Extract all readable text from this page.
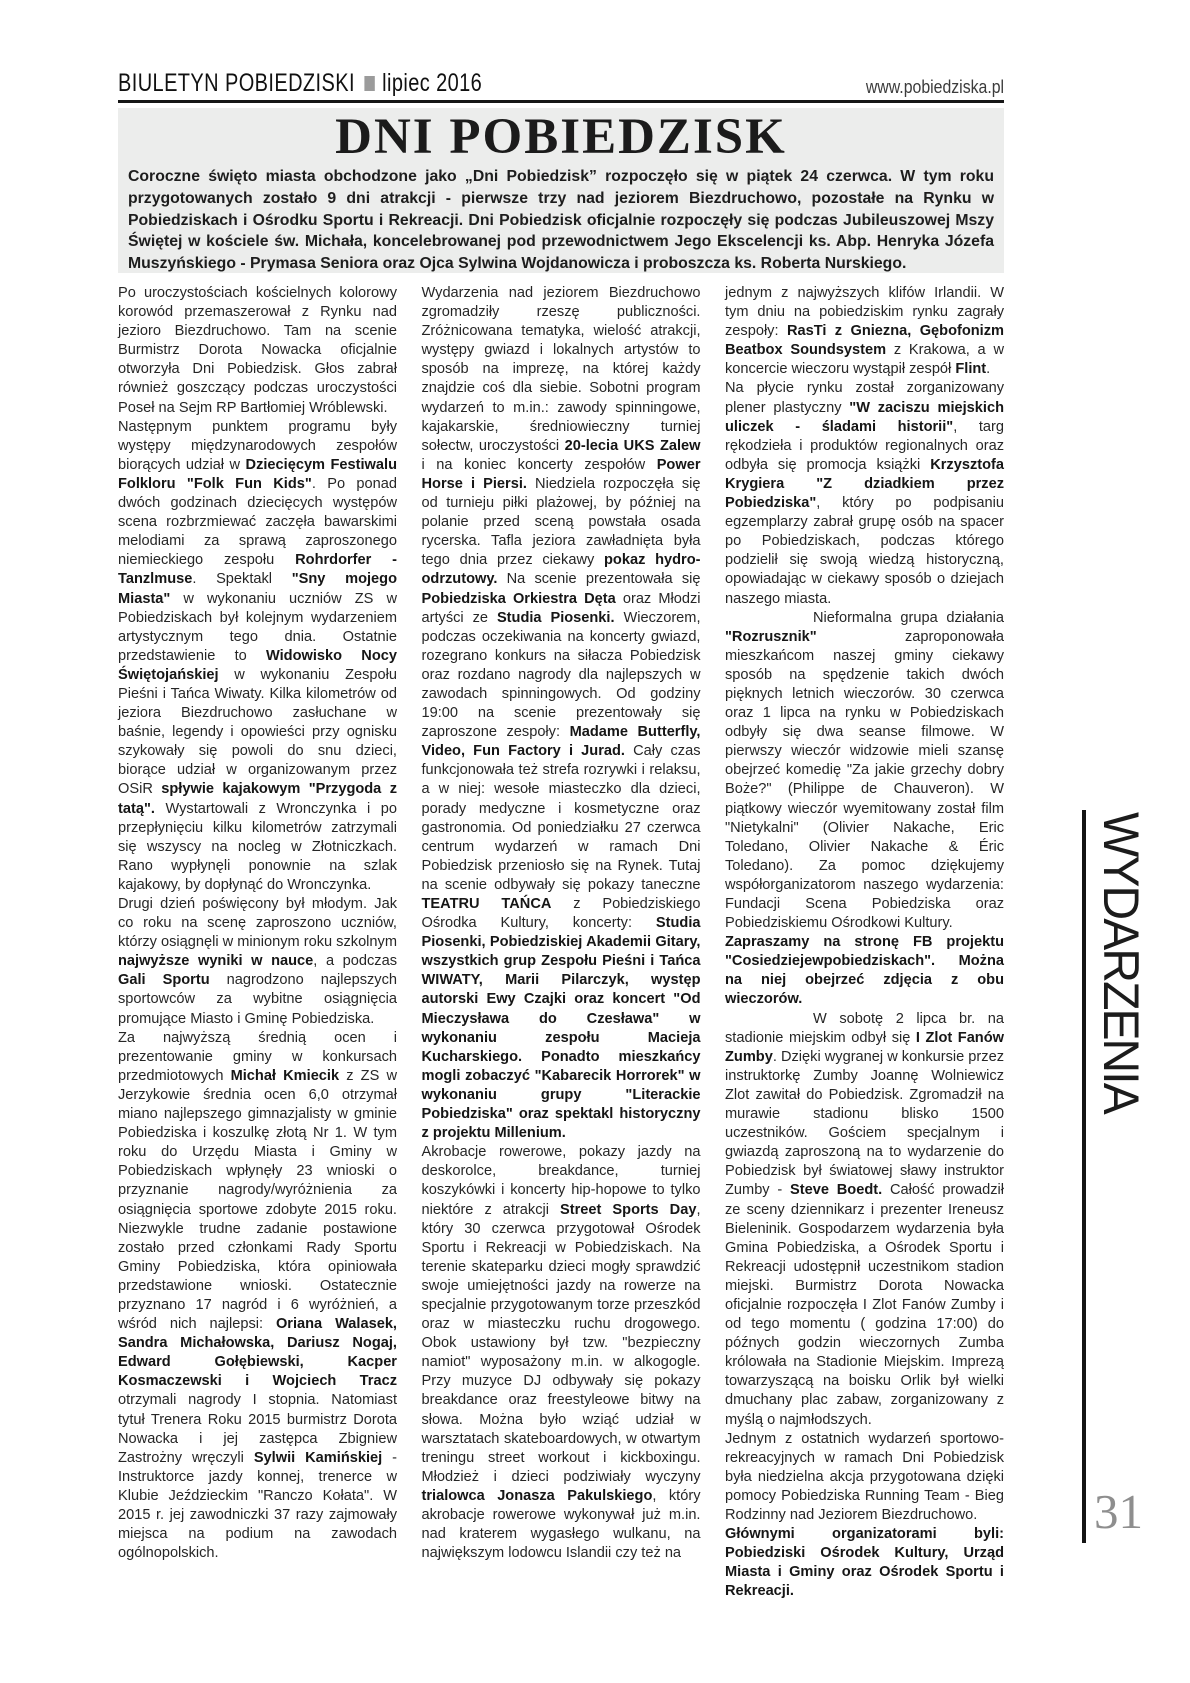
BIULETYN POBIEDZISKI lipiec 2016	www.pobiedziska.pl
DNI POBIEDZISK

Coroczne święto miasta obchodzone jako „Dni Pobiedzisk” rozpoczęło się w piątek 24 czerwca. W tym roku przygotowanych zostało 9 dni atrakcji - pierwsze trzy nad jeziorem Biezdruchowo, pozostałe na Rynku w Pobiedziskach i Ośrodku Sportu i Rekreacji. Dni Pobiedzisk oficjalnie rozpoczęły się podczas Jubileuszowej Mszy Świętej w kościele św. Michała, koncelebrowanej pod przewodnictwem Jego Ekscelencji ks. Abp. Henryka Józefa Muszyńskiego - Prymasa Seniora oraz Ojca Sylwina Wojdanowicza i proboszcza ks. Roberta Nurskiego.

Po uroczystościach kościelnych kolorowy korowód przemaszerował z Rynku nad jezioro Biezdruchowo. Tam na scenie Burmistrz Dorota Nowacka oficjalnie otworzyła Dni Pobiedzisk. Głos zabrał również goszczący podczas uroczystości Poseł na Sejm RP Bartłomiej Wróblewski.

Następnym punktem programu były występy międzynarodowych zespołów biorących udział w Dziecięcym Festiwalu Folkloru "Folk Fun Kids". Po ponad dwóch godzinach dziecięcych występów scena rozbrzmiewać zaczęła bawarskimi melodiami za sprawą zaproszonego niemieckiego zespołu Rohrdorfer - Tanzlmuse. Spektakl "Sny mojego Miasta" w wykonaniu uczniów ZS w Pobiedziskach był kolejnym wydarzeniem artystycznym tego dnia. Ostatnie przedstawienie to Widowisko Nocy Świętojańskiej w wykonaniu Zespołu Pieśni i Tańca Wiwaty. Kilka kilometrów od jeziora Biezdruchowo zasłuchane w baśnie, legendy i opowieści przy ognisku szykowały się powoli do snu dzieci, biorące udział w organizowanym przez OSiR spływie kajakowym "Przygoda z tatą". Wystartowali z Wronczynka i po przepłynięciu kilku kilometrów zatrzymali się wszyscy na nocleg w Złotniczkach. Rano wypłynęli ponownie na szlak kajakowy, by dopłynąć do Wronczynka.

Drugi dzień poświęcony był młodym. Jak co roku na scenę zaproszono uczniów, którzy osiągnęli w minionym roku szkolnym najwyższe wyniki w nauce, a podczas Gali Sportu nagrodzono najlepszych sportowców za wybitne osiągnięcia promujące Miasto i Gminę Pobiedziska.

Za najwyższą średnią ocen i prezentowanie gminy w konkursach przedmiotowych Michał Kmiecik z ZS w Jerzykowie średnia ocen 6,0 otrzymał miano najlepszego gimnazjalisty w gminie Pobiedziska i koszulkę złotą Nr 1. W tym roku do Urzędu Miasta i Gminy w Pobiedziskach wpłynęły 23 wnioski o przyznanie nagrody/wyróżnienia za osiągnięcia sportowe zdobyte 2015 roku. Niezwykle trudne zadanie postawione zostało przed członkami Rady Sportu Gminy Pobiedziska, która opiniowała przedstawione wnioski. Ostatecznie przyznano 17 nagród i 6 wyróżnień, a wśród nich najlepsi: Oriana Walasek, Sandra Michałowska, Dariusz Nogaj, Edward Gołębiewski, Kacper Kosmaczewski i Wojciech Tracz otrzymali nagrody I stopnia. Natomiast tytuł Trenera Roku 2015 burmistrz Dorota Nowacka i jej zastępca Zbigniew Zastrożny wręczyli Sylwii Kamińskiej - Instruktorce jazdy konnej, trenerce w Klubie Jeździeckim "Ranczo Kołata". W 2015 r. jej zawodniczki 37 razy zajmowały miejsca na podium na zawodach ogólnopolskich.

Wydarzenia nad jeziorem Biezdruchowo zgromadziły rzeszę publiczności. Zróżnicowana tematyka, wielość atrakcji, występy gwiazd i lokalnych artystów to sposób na imprezę, na której każdy znajdzie coś dla siebie. Sobotni program wydarzeń to m.in.: zawody spinningowe, kajakarskie, średniowieczny turniej sołectw, uroczystości 20-lecia UKS Zalew i na koniec koncerty zespołów Power Horse i Piersi. Niedziela rozpoczęła się od turnieju piłki plażowej, by później na polanie przed sceną powstała osada rycerska. Tafla jeziora zawładnięta była tego dnia przez ciekawy pokaz hydro-odrzutowy. Na scenie prezentowała się Pobiedziska Orkiestra Dęta oraz Młodzi artyści ze Studia Piosenki. Wieczorem, podczas oczekiwania na koncerty gwiazd, rozegrano konkurs na siłacza Pobiedzisk oraz rozdano nagrody dla najlepszych w zawodach spinningowych. Od godziny 19:00 na scenie prezentowały się zaproszone zespoły: Madame Butterfly, Video, Fun Factory i Jurad. Cały czas funkcjonowała też strefa rozrywki i relaksu, a w niej: wesołe miasteczko dla dzieci, porady medyczne i kosmetyczne oraz gastronomia. Od poniedziałku 27 czerwca centrum wydarzeń w ramach Dni Pobiedzisk przeniosło się na Rynek. Tutaj na scenie odbywały się pokazy taneczne TEATRU TAŃCA z Pobiedziskiego Ośrodka Kultury, koncerty: Studia Piosenki, Pobiedziskiej Akademii Gitary, wszystkich grup Zespołu Pieśni i Tańca WIWATY, Marii Pilarczyk, występ autorski Ewy Czajki oraz koncert "Od Mieczysława do Czesława" w wykonaniu zespołu Macieja Kucharskiego. Ponadto mieszkańcy mogli zobaczyć "Kabarecik Horrorek" w wykonaniu grupy "Literackie Pobiedziska" oraz spektakl historyczny z projektu Millenium.

Akrobacje rowerowe, pokazy jazdy na deskorolce, breakdance, turniej koszykówki i koncerty hip-hopowe to tylko niektóre z atrakcji Street Sports Day, który 30 czerwca przygotował Ośrodek Sportu i Rekreacji w Pobiedziskach. Na terenie skateparku dzieci mogły sprawdzić swoje umiejętności jazdy na rowerze na specjalnie przygotowanym torze przeszkód oraz w miasteczku ruchu drogowego. Obok ustawiony był tzw. "bezpieczny namiot" wyposażony m.in. w alkogogle. Przy muzyce DJ odbywały się pokazy breakdance oraz freestyleowe bitwy na słowa. Można było wziąć udział w warsztatach skateboardowych, w otwartym treningu street workout i kickboxingu. Młodzież i dzieci podziwiały wyczyny trialowca Jonasza Pakulskiego, który akrobacje rowerowe wykonywał już m.in. nad kraterem wygasłego wulkanu, na największym lodowcu Islandii czy też na

jednym z najwyższych klifów Irlandii. W tym dniu na pobiedziskim rynku zagrały zespoły: RasTi z Gniezna, Gębofonizm Beatbox Soundsystem z Krakowa, a w koncercie wieczoru wystąpił zespół Flint.

Na płycie rynku został zorganizowany plener plastyczny "W zaciszu miejskich uliczek - śladami historii", targ rękodzieła i produktów regionalnych oraz odbyła się promocja książki Krzysztofa Krygiera "Z dziadkiem przez Pobiedziska", który po podpisaniu egzemplarzy zabrał grupę osób na spacer po Pobiedziskach, podczas którego podzielił się swoją wiedzą historyczną, opowiadając w ciekawy sposób o dziejach naszego miasta.

Nieformalna grupa działania "Rozrusznik" zaproponowała mieszkańcom naszej gminy ciekawy sposób na spędzenie takich dwóch pięknych letnich wieczorów. 30 czerwca oraz 1 lipca na rynku w Pobiedziskach odbyły się dwa seanse filmowe. W pierwszy wieczór widzowie mieli szansę obejrzeć komedię "Za jakie grzechy dobry Boże?" (Philippe de Chauveron). W piątkowy wieczór wyemitowany został film "Nietykalni" (Olivier Nakache, Eric Toledano, Olivier Nakache & Éric Toledano). Za pomoc dziękujemy współorganizatorom naszego wydarzenia: Fundacji Scena Pobiedziska oraz Pobiedziskiemu Ośrodkowi Kultury.

Zapraszamy na stronę FB projektu "Cosiedziejewpobiedziskach". Można na niej obejrzeć zdjęcia z obu wieczorów.

W sobotę 2 lipca br. na stadionie miejskim odbył się I Zlot Fanów Zumby. Dzięki wygranej w konkursie przez instruktorkę Zumby Joannę Wolniewicz Zlot zawitał do Pobiedzisk. Zgromadził na murawie stadionu blisko 1500 uczestników. Gościem specjalnym i gwiazdą zaproszoną na to wydarzenie do Pobiedzisk był światowej sławy instruktor Zumby - Steve Boedt. Całość prowadził ze sceny dziennikarz i prezenter Ireneusz Bieleninik. Gospodarzem wydarzenia była Gmina Pobiedziska, a Ośrodek Sportu i Rekreacji udostępnił uczestnikom stadion miejski. Burmistrz Dorota Nowacka oficjalnie rozpoczęła I Zlot Fanów Zumby i od tego momentu ( godzina 17:00) do późnych godzin wieczornych Zumba królowała na Stadionie Miejskim. Imprezą towarzyszącą na boisku Orlik był wielki dmuchany plac zabaw, zorganizowany z myślą o najmłodszych.

Jednym z ostatnich wydarzeń sportowo-rekreacyjnych w ramach Dni Pobiedzisk była niedzielna akcja przygotowana dzięki pomocy Pobiedziska Running Team - Bieg Rodzinny nad Jeziorem Biezdruchowo.

Głównymi organizatorami byli: Pobiedziski Ośrodek Kultury, Urząd Miasta i Gminy oraz Ośrodek Sportu i Rekreacji.

WYDARZENIA
31
